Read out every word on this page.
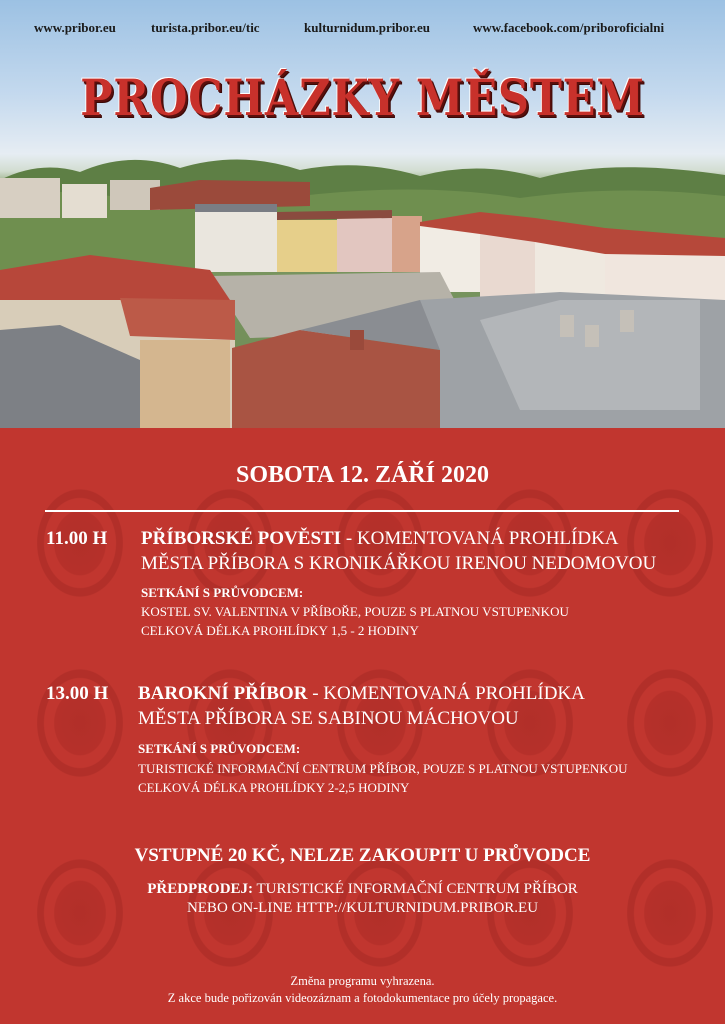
www.pribor.eu	turista.pribor.eu/tic	kulturnidum.pribor.eu	www.facebook.com/priboroficialni
PROCHÁZKY MĚSTEM
SOBOTA 12. ZÁŘÍ 2020
11.00 H PŘÍBORSKÉ POVĚSTI - KOMENTOVANÁ PROHLÍDKA
MĚSTA PŘÍBORA S KRONIKÁŘKOU IRENOU NEDOMOVOU
SETKÁNÍ S PRŮVODCEM:
KOSTEL SV. VALENTINA V PŘÍBOŘE, POUZE S PLATNOU VSTUPENKOU
CELKOVÁ DÉLKA PROHLÍDKY 1,5 - 2 HODINY
13.00 H BAROKNÍ PŘÍBOR - KOMENTOVANÁ PROHLÍDKA
MĚSTA PŘÍBORA SE SABINOU MÁCHOVOU
SETKÁNÍ S PRŮVODCEM:
TURISTICKÉ INFORMAČNÍ CENTRUM PŘÍBOR, POUZE S PLATNOU VSTUPENKOU
CELKOVÁ DÉLKA PROHLÍDKY 2-2,5 HODINY
VSTUPNÉ 20 KČ, NELZE ZAKOUPIT U PRŮVODCE
PŘEDPRODEJ: TURISTICKÉ INFORMAČNÍ CENTRUM PŘÍBOR
NEBO ON-LINE HTTP://KULTURNIDUM.PRIBOR.EU
Změna programu vyhrazena.
Z akce bude pořizován videozáznam a fotodokumentace pro účely propagace.
